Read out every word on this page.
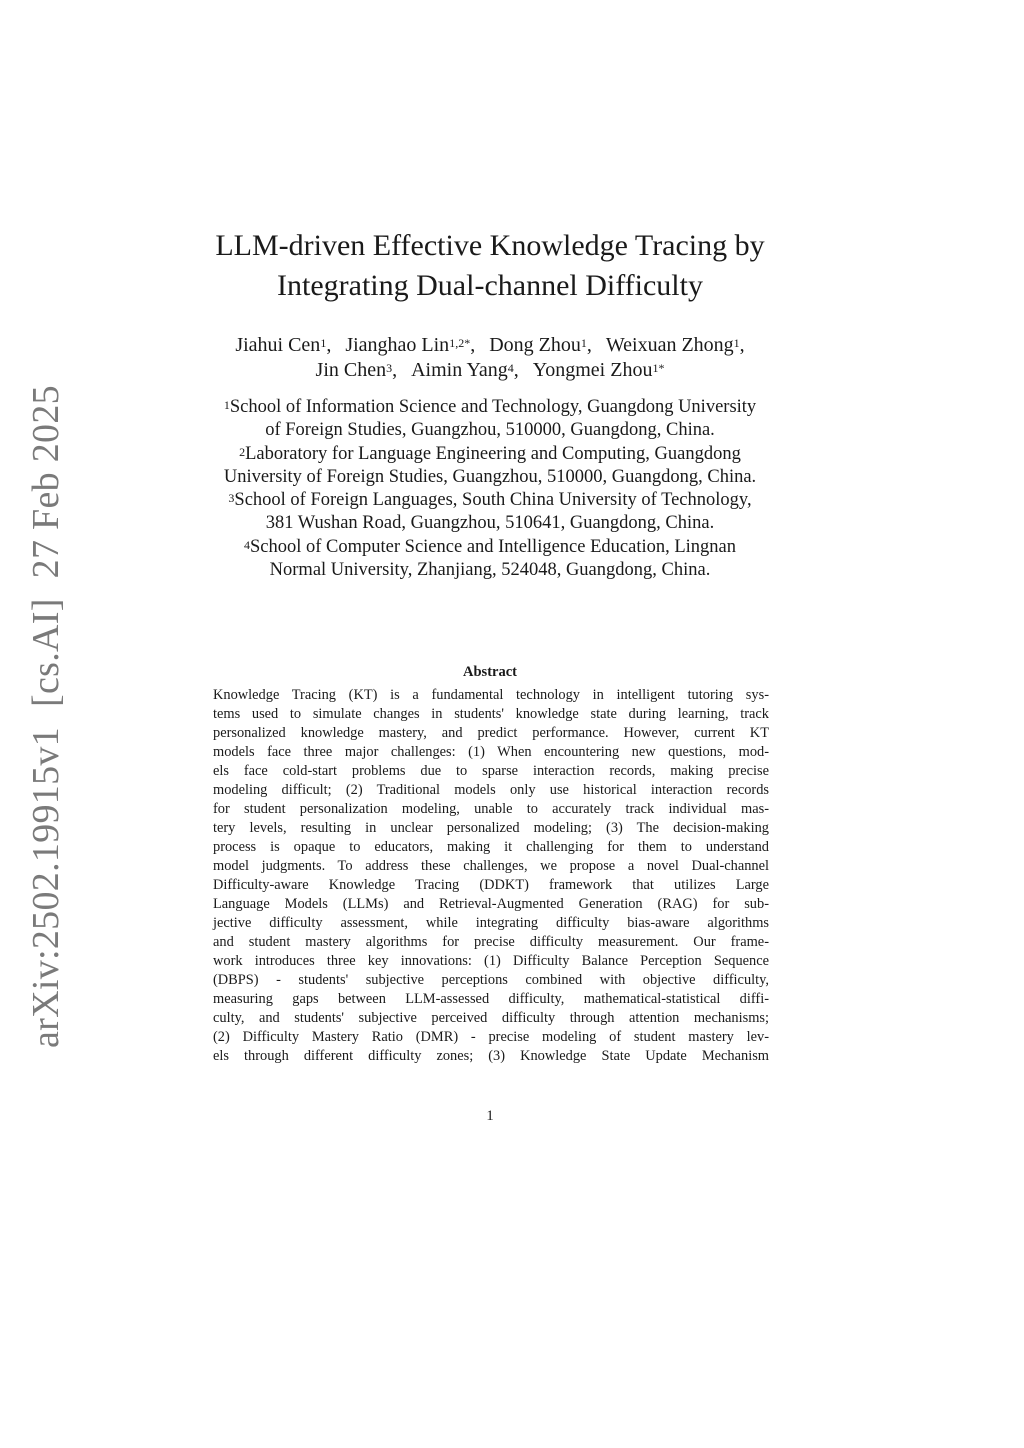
arXiv:2502.19915v1[cs.AI]27 Feb 2025
LLM-driven Effective Knowledge Tracing by
Integrating Dual-channel Difficulty
Jiahui Cen$^1$, Jianghao Lin$^{1,2*}$, Dong Zhou$^1$, Weixuan Zhong$^1$,
Jin Chen$^3$, Aimin Yang$^4$, Yongmei Zhou$^{1*}$
$^1$School of Information Science and Technology, Guangdong University
of Foreign Studies, Guangzhou, 510000, Guangdong, China.
$^2$Laboratory for Language Engineering and Computing, Guangdong
University of Foreign Studies, Guangzhou, 510000, Guangdong, China.
$^3$School of Foreign Languages, South China University of Technology,
381 Wushan Road, Guangzhou, 510641, Guangdong, China.
$^4$School of Computer Science and Intelligence Education, Lingnan
Normal University, Zhanjiang, 524048, Guangdong, China.
Abstract
Knowledge Tracing (KT) is a fundamental technology in intelligent tutoring sys-
tems used to simulate changes in students' knowledge state during learning, track
personalized knowledge mastery, and predict performance. However, current KT
models face three major challenges: (1) When encountering new questions, mod-
els face cold-start problems due to sparse interaction records, making precise
modeling difficult; (2) Traditional models only use historical interaction records
for student personalization modeling, unable to accurately track individual mas-
tery levels, resulting in unclear personalized modeling; (3) The decision-making
process is opaque to educators, making it challenging for them to understand
model judgments. To address these challenges, we propose a novel Dual-channel
Difficulty-aware Knowledge Tracing (DDKT) framework that utilizes Large
Language Models (LLMs) and Retrieval-Augmented Generation (RAG) for sub-
jective difficulty assessment, while integrating difficulty bias-aware algorithms
and student mastery algorithms for precise difficulty measurement. Our frame-
work introduces three key innovations: (1) Difficulty Balance Perception Sequence
(DBPS) - students' subjective perceptions combined with objective difficulty,
measuring gaps between LLM-assessed difficulty, mathematical-statistical diffi-
culty, and students' subjective perceived difficulty through attention mechanisms;
(2) Difficulty Mastery Ratio (DMR) - precise modeling of student mastery lev-
els through different difficulty zones; (3) Knowledge State Update Mechanism
1
